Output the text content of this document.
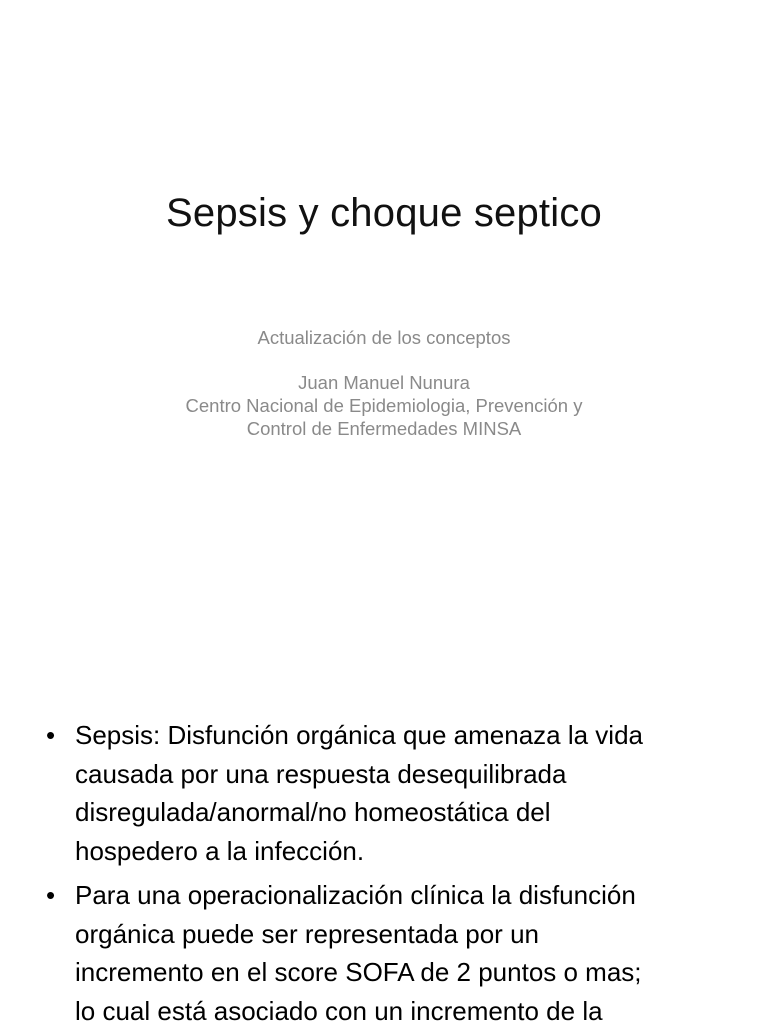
Sepsis y choque septico
Actualización de los conceptos
Juan Manuel Nunura
Centro Nacional de Epidemiologia, Prevención y
Control de Enfermedades MINSA
• Sepsis: Disfunción orgánica que amenaza la vida
causada por una respuesta desequilibrada
disregulada/anormal/no homeostática del
hospedero a la infección.
• Para una operacionalización clínica la disfunción
orgánica puede ser representada por un
incremento en el score SOFA de 2 puntos o mas;
lo cual está asociado con un incremento de la
